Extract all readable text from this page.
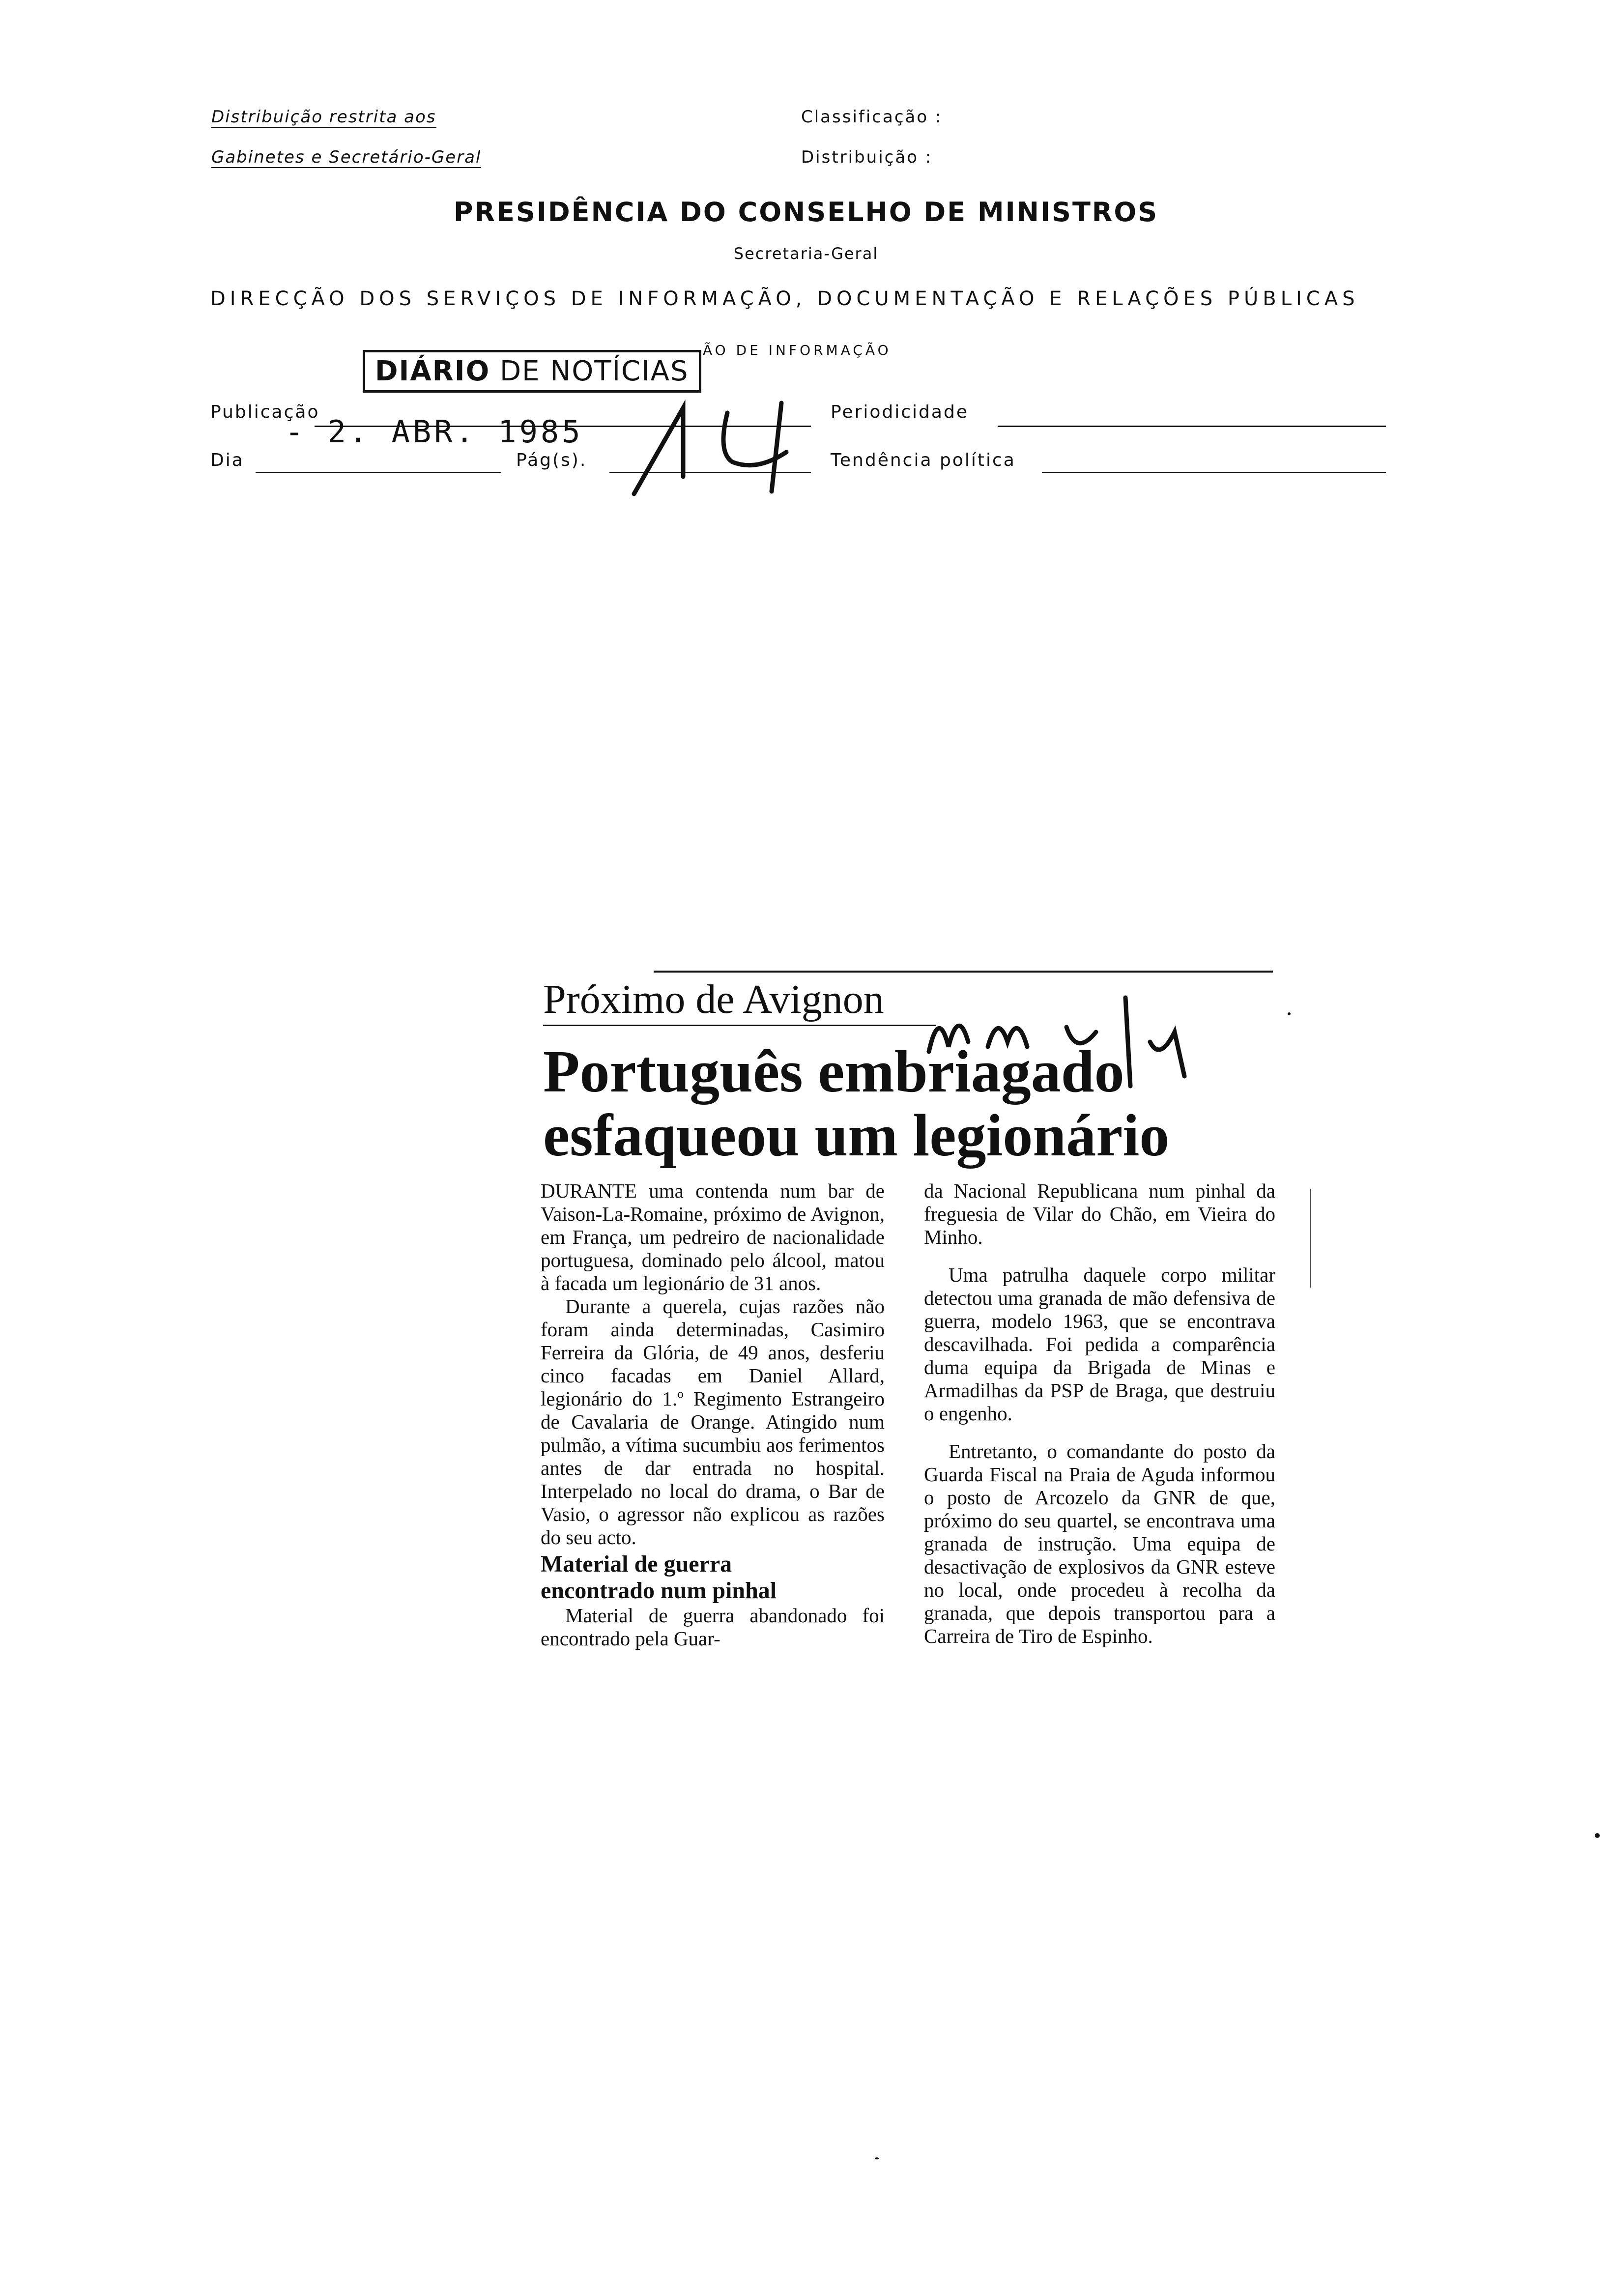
Distribuição restrita aos
Gabinetes e Secretário-Geral
Classificação :
Distribuição :
PRESIDÊNCIA DO CONSELHO DE MINISTROS
Secretaria-Geral
DIRECÇÃO DOS SERVIÇOS DE INFORMAÇÃO, DOCUMENTAÇÃO E RELAÇÕES PÚBLICAS
ÃO DE INFORMAÇÃO
DIÁRIO DE NOTÍCIAS
Publicação
- 2. ABR. 1985
Dia	Pág(s).
Periodicidade
Tendência política
Próximo de Avignon
Português embriagado
esfaqueou um legionário

DURANTE uma contenda num bar de Vaison-La-Romaine, próximo de Avignon, em França, um pedreiro de nacionalidade portuguesa, dominado pelo álcool, matou à facada um legionário de 31 anos.

Durante a querela, cujas razões não foram ainda determinadas, Casimiro Ferreira da Glória, de 49 anos, desferiu cinco facadas em Daniel Allard, legionário do 1.º Regimento Estrangeiro de Cavalaria de Orange. Atingido num pulmão, a vítima sucumbiu aos ferimentos antes de dar entrada no hospital. Interpelado no local do drama, o Bar de Vasio, o agressor não explicou as razões do seu acto.

Material de guerra

encontrado num pinhal

Material de guerra abandonado foi encontrado pela Guar-

da Nacional Republicana num pinhal da freguesia de Vilar do Chão, em Vieira do Minho.

Uma patrulha daquele corpo militar detectou uma granada de mão defensiva de guerra, modelo 1963, que se encontrava descavilhada. Foi pedida a comparência duma equipa da Brigada de Minas e Armadilhas da PSP de Braga, que destruiu o engenho.

Entretanto, o comandante do posto da Guarda Fiscal na Praia de Aguda informou o posto de Arcozelo da GNR de que, próximo do seu quartel, se encontrava uma granada de instrução. Uma equipa de desactivação de explosivos da GNR esteve no local, onde procedeu à recolha da granada, que depois transportou para a Carreira de Tiro de Espinho.
